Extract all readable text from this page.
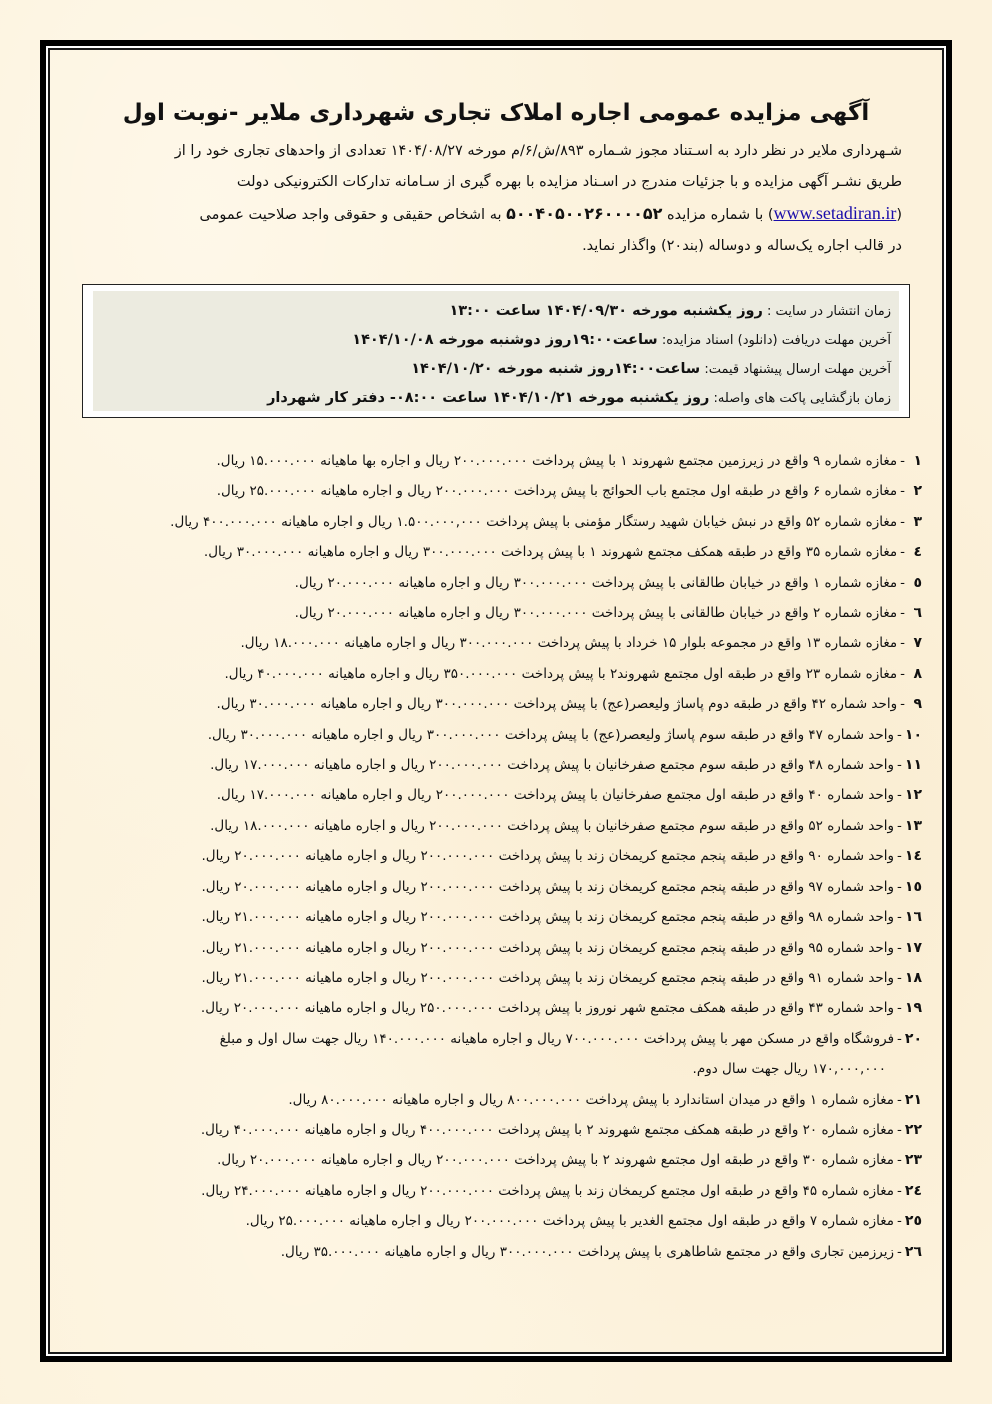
آگهی مزایده عمومی اجاره املاک تجاری شهرداری ملایر -نوبت اول
شـهرداری ملایر در نظر دارد به اسـتناد مجوز شـماره ۸۹۳/ش/۶/م مورخه ۱۴۰۴/۰۸/۲۷ تعدادی از واحدهای تجاری خود را از
طریق نشـر آگهی مزایده و با جزئیات مندرج در اسـناد مزایده با بهره گیری از سـامانه تدارکات الکترونیکی دولت
(www.setadiran.ir) با شماره مزایده ۵۰۰۴۰۵۰۰۲۶۰۰۰۰۵۲ به اشخاص حقیقی و حقوقی واجد صلاحیت عمومی
در قالب اجاره یک‌ساله و دوساله (بند۲۰) واگذار نماید.
زمان انتشار در سایت : روز یکشنبه مورخه ۱۴۰۴/۰۹/۳۰ ساعت ۱۳:۰۰
آخرین مهلت دریافت (دانلود) اسناد مزایده: ساعت۱۹:۰۰روز دوشنبه مورخه ۱۴۰۴/۱۰/۰۸
آخرین مهلت ارسال پیشنهاد قیمت: ساعت۱۴:۰۰روز شنبه مورخه ۱۴۰۴/۱۰/۲۰
زمان بازگشایی پاکت های واصله: روز یکشنبه مورخه ۱۴۰۴/۱۰/۲۱ ساعت ۰۸:۰۰- دفتر کار شهردار
۱-مغازه شماره ۹ واقع در زیرزمین مجتمع شهروند ۱ با پیش پرداخت ۲۰۰.۰۰۰.۰۰۰ ریال و اجاره بها ماهیانه ۱۵.۰۰۰.۰۰۰ ریال.
۲-مغازه شماره ۶ واقع در طبقه اول مجتمع باب الحوائج با پیش پرداخت ۲۰۰.۰۰۰.۰۰۰ ریال و اجاره ماهیانه ۲۵.۰۰۰.۰۰۰ ریال.
۳-مغازه شماره ۵۲ واقع در نبش خیابان شهید رستگار مؤمنی با پیش پرداخت ۱.۵۰۰.۰۰۰,۰۰۰ ریال و اجاره ماهیانه ۴۰۰.۰۰۰.۰۰۰ ریال.
٤-مغازه شماره ۳۵ واقع در طبقه همکف مجتمع شهروند ۱ با پیش پرداخت ۳۰۰.۰۰۰.۰۰۰ ریال و اجاره ماهیانه ۳۰.۰۰۰.۰۰۰ ریال.
٥-مغازه شماره ۱ واقع در خیابان طالقانی با پیش پرداخت ۳۰۰.۰۰۰.۰۰۰ ریال و اجاره ماهیانه ۲۰.۰۰۰.۰۰۰ ریال.
٦-مغازه شماره ۲ واقع در خیابان طالقانی با پیش پرداخت ۳۰۰.۰۰۰.۰۰۰ ریال و اجاره ماهیانه ۲۰.۰۰۰.۰۰۰ ریال.
۷-مغازه شماره ۱۳ واقع در مجموعه بلوار ۱۵ خرداد با پیش پرداخت ۳۰۰.۰۰۰.۰۰۰ ریال و اجاره ماهیانه ۱۸.۰۰۰.۰۰۰ ریال.
۸-مغازه شماره ۲۳ واقع در طبقه اول مجتمع شهروند۲ با پیش پرداخت ۳۵۰.۰۰۰.۰۰۰ ریال و اجاره ماهیانه ۴۰.۰۰۰.۰۰۰ ریال.
۹-واحد شماره ۴۲ واقع در طبقه دوم پاساژ ولیعصر(عج) با پیش پرداخت ۳۰۰.۰۰۰.۰۰۰ ریال و اجاره ماهیانه ۳۰.۰۰۰.۰۰۰ ریال.
۱۰-واحد شماره ۴۷ واقع در طبقه سوم پاساژ ولیعصر(عج) با پیش پرداخت ۳۰۰.۰۰۰.۰۰۰ ریال و اجاره ماهیانه ۳۰.۰۰۰.۰۰۰ ریال.
۱۱-واحد شماره ۴۸ واقع در طبقه سوم مجتمع صفرخانیان با پیش پرداخت ۲۰۰.۰۰۰.۰۰۰ ریال و اجاره ماهیانه ۱۷.۰۰۰.۰۰۰ ریال.
۱۲-واحد شماره ۴۰ واقع در طبقه اول مجتمع صفرخانیان با پیش پرداخت ۲۰۰.۰۰۰.۰۰۰ ریال و اجاره ماهیانه ۱۷.۰۰۰.۰۰۰ ریال.
۱۳-واحد شماره ۵۲ واقع در طبقه سوم مجتمع صفرخانیان با پیش پرداخت ۲۰۰.۰۰۰.۰۰۰ ریال و اجاره ماهیانه ۱۸.۰۰۰.۰۰۰ ریال.
۱٤-واحد شماره ۹۰ واقع در طبقه پنجم مجتمع کریمخان زند با پیش پرداخت ۲۰۰.۰۰۰.۰۰۰ ریال و اجاره ماهیانه ۲۰.۰۰۰.۰۰۰ ریال.
۱٥-واحد شماره ۹۷ واقع در طبقه پنجم مجتمع کریمخان زند با پیش پرداخت ۲۰۰.۰۰۰.۰۰۰ ریال و اجاره ماهیانه ۲۰.۰۰۰.۰۰۰ ریال.
۱٦-واحد شماره ۹۸ واقع در طبقه پنجم مجتمع کریمخان زند با پیش پرداخت ۲۰۰.۰۰۰.۰۰۰ ریال و اجاره ماهیانه ۲۱.۰۰۰.۰۰۰ ریال.
۱۷-واحد شماره ۹۵ واقع در طبقه پنجم مجتمع کریمخان زند با پیش پرداخت ۲۰۰.۰۰۰.۰۰۰ ریال و اجاره ماهیانه ۲۱.۰۰۰.۰۰۰ ریال.
۱۸-واحد شماره ۹۱ واقع در طبقه پنجم مجتمع کریمخان زند با پیش پرداخت ۲۰۰.۰۰۰.۰۰۰ ریال و اجاره ماهیانه ۲۱.۰۰۰.۰۰۰ ریال.
۱۹-واحد شماره ۴۳ واقع در طبقه همکف مجتمع شهر نوروز با پیش پرداخت ۲۵۰.۰۰۰.۰۰۰ ریال و اجاره ماهیانه ۲۰.۰۰۰.۰۰۰ ریال.
۲۰-فروشگاه واقع در مسکن مهر با پیش پرداخت ۷۰۰.۰۰۰.۰۰۰ ریال و اجاره ماهیانه ۱۴۰.۰۰۰.۰۰۰ ریال جهت سال اول و مبلغ
۱۷۰,۰۰۰,۰۰۰ ریال جهت سال دوم.
۲۱-مغازه شماره ۱ واقع در میدان استاندارد با پیش پرداخت ۸۰۰.۰۰۰.۰۰۰ ریال و اجاره ماهیانه ۸۰.۰۰۰.۰۰۰ ریال.
۲۲-مغازه شماره ۲۰ واقع در طبقه همکف مجتمع شهروند ۲ با پیش پرداخت ۴۰۰.۰۰۰.۰۰۰ ریال و اجاره ماهیانه ۴۰.۰۰۰.۰۰۰ ریال.
۲۳-مغازه شماره ۳۰ واقع در طبقه اول مجتمع شهروند ۲ با پیش پرداخت ۲۰۰.۰۰۰.۰۰۰ ریال و اجاره ماهیانه ۲۰.۰۰۰.۰۰۰ ریال.
۲٤-مغازه شماره ۴۵ واقع در طبقه اول مجتمع کریمخان زند با پیش پرداخت ۲۰۰.۰۰۰.۰۰۰ ریال و اجاره ماهیانه ۲۴.۰۰۰.۰۰۰ ریال.
۲٥-مغازه شماره ۷ واقع در طبقه اول مجتمع الغدیر با پیش پرداخت ۲۰۰.۰۰۰.۰۰۰ ریال و اجاره ماهیانه ۲۵.۰۰۰.۰۰۰ ریال.
۲٦-زیرزمین تجاری واقع در مجتمع شاطاهری با پیش پرداخت ۳۰۰.۰۰۰.۰۰۰ ریال و اجاره ماهیانه ۳۵.۰۰۰.۰۰۰ ریال.
